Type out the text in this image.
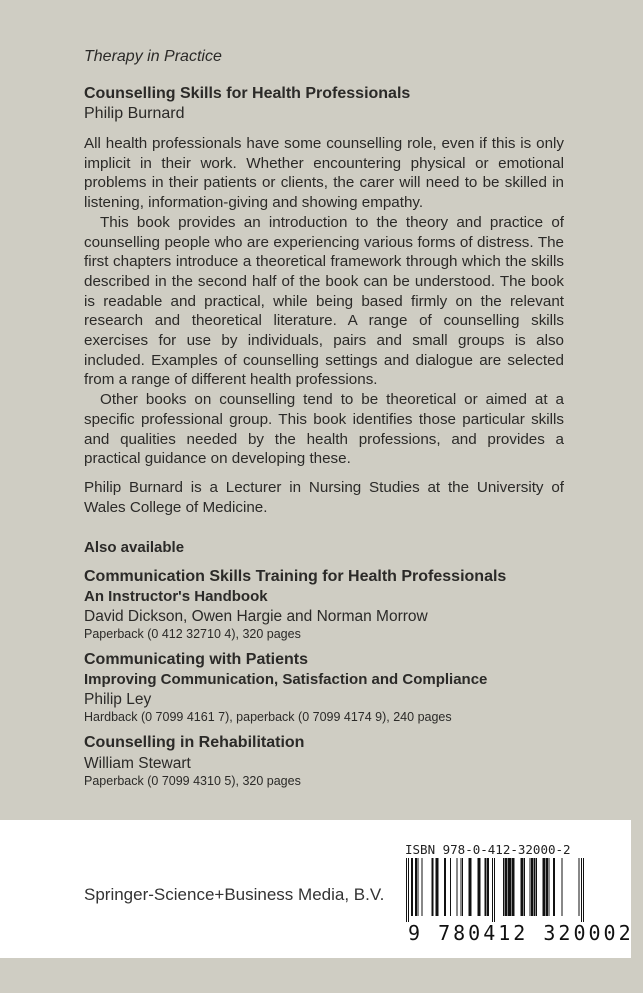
Therapy in Practice

Counselling Skills for Health Professionals

Philip Burnard

All health professionals have some counselling role, even if this is only implicit in their work. Whether encountering physical or emotional problems in their patients or clients, the carer will need to be skilled in listening, information-giving and showing empathy.

This book provides an introduction to the theory and practice of counselling people who are experiencing various forms of distress. The first chapters introduce a theoretical framework through which the skills described in the second half of the book can be understood. The book is readable and practical, while being based firmly on the relevant research and theoretical literature. A range of counselling skills exercises for use by individuals, pairs and small groups is also included. Examples of counselling settings and dialogue are selected from a range of different health professions.

Other books on counselling tend to be theoretical or aimed at a specific professional group. This book identifies those particular skills and qualities needed by the health professions, and provides a practical guidance on developing these.

Philip Burnard is a Lecturer in Nursing Studies at the University of Wales College of Medicine.

Also available

Communication Skills Training for Health Professionals

An Instructor's Handbook

David Dickson, Owen Hargie and Norman Morrow

Paperback (0 412 32710 4), 320 pages

Communicating with Patients

Improving Communication, Satisfaction and Compliance

Philip Ley

Hardback (0 7099 4161 7), paperback (0 7099 4174 9), 240 pages

Counselling in Rehabilitation

William Stewart

Paperback (0 7099 4310 5), 320 pages

Springer-Science+Business Media, B.V.
ISBN 978-0-412-32000-2
9 780412 320002
